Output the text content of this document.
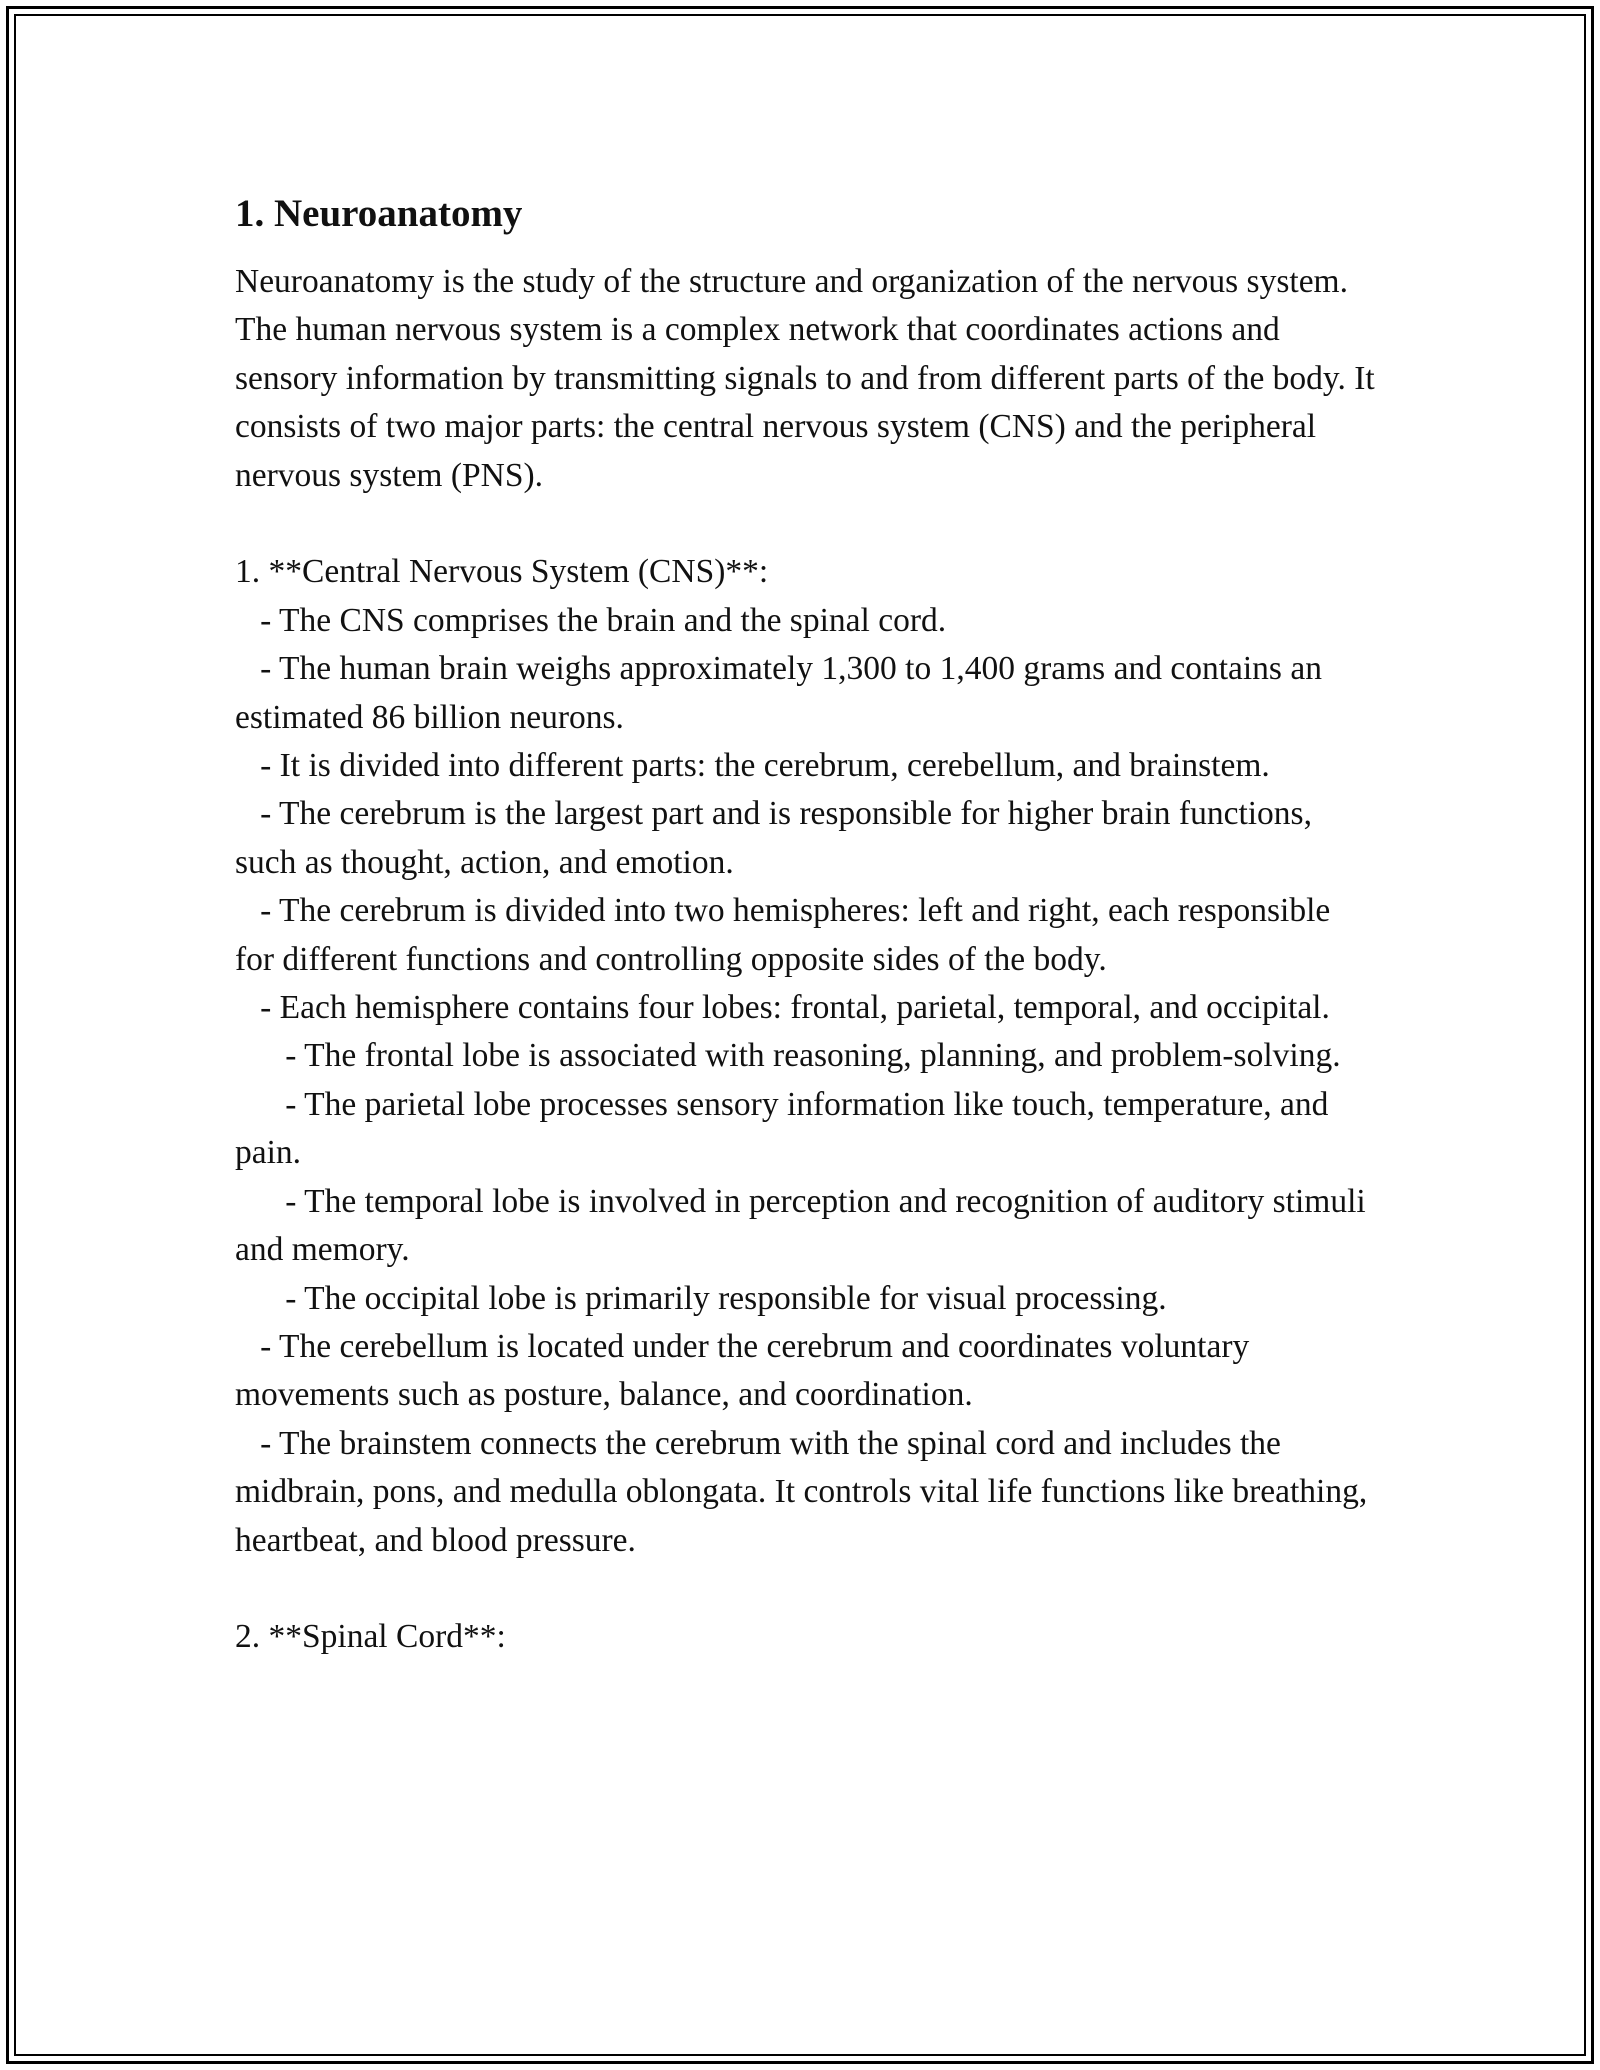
1. Neuroanatomy

Neuroanatomy is the study of the structure and organization of the nervous system. The human nervous system is a complex network that coordinates actions and sensory information by transmitting signals to and from different parts of the body. It consists of two major parts: the central nervous system (CNS) and the peripheral nervous system (PNS).

1. **Central Nervous System (CNS)**:

- The CNS comprises the brain and the spinal cord.

- The human brain weighs approximately 1,300 to 1,400 grams and contains an estimated 86 billion neurons.

- It is divided into different parts: the cerebrum, cerebellum, and brainstem.

- The cerebrum is the largest part and is responsible for higher brain functions, such as thought, action, and emotion.

- The cerebrum is divided into two hemispheres: left and right, each responsible for different functions and controlling opposite sides of the body.

- Each hemisphere contains four lobes: frontal, parietal, temporal, and occipital.

- The frontal lobe is associated with reasoning, planning, and problem-solving.

- The parietal lobe processes sensory information like touch, temperature, and pain.

- The temporal lobe is involved in perception and recognition of auditory stimuli and memory.

- The occipital lobe is primarily responsible for visual processing.

- The cerebellum is located under the cerebrum and coordinates voluntary movements such as posture, balance, and coordination.

- The brainstem connects the cerebrum with the spinal cord and includes the midbrain, pons, and medulla oblongata. It controls vital life functions like breathing, heartbeat, and blood pressure.

2. **Spinal Cord**:
